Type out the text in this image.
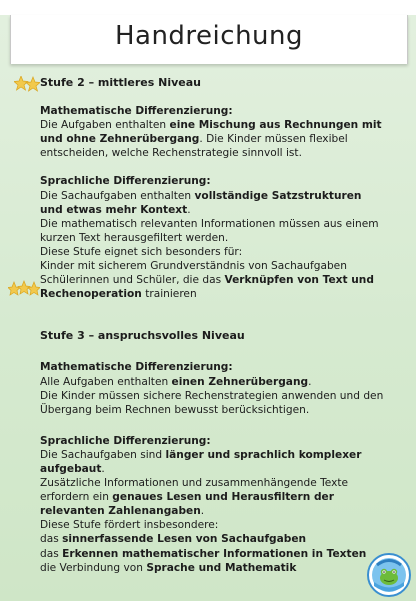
Handreichung

Stufe 2 – mittleres Niveau

Mathematische Differenzierung:

Die Aufgaben enthalten eine Mischung aus Rechnungen mit und ohne Zehnerübergang. Die Kinder müssen flexibel entscheiden, welche Rechenstrategie sinnvoll ist.

Sprachliche Differenzierung:

Die Sachaufgaben enthalten vollständige Satzstrukturen und etwas mehr Kontext.

Die mathematisch relevanten Informationen müssen aus einem kurzen Text herausgefiltert werden.

Diese Stufe eignet sich besonders für:

Kinder mit sicherem Grundverständnis von Sachaufgaben

Schülerinnen und Schüler, die das Verknüpfen von Text und Rechenoperation trainieren

Stufe 3 – anspruchsvolles Niveau

Mathematische Differenzierung:

Alle Aufgaben enthalten einen Zehnerübergang.

Die Kinder müssen sichere Rechenstrategien anwenden und den Übergang beim Rechnen bewusst berücksichtigen.

Sprachliche Differenzierung:

Die Sachaufgaben sind länger und sprachlich komplexer aufgebaut.

Zusätzliche Informationen und zusammenhängende Texte erfordern ein genaues Lesen und Herausfiltern der relevanten Zahlenangaben.

Diese Stufe fördert insbesondere:

das sinnerfassende Lesen von Sachaufgaben

das Erkennen mathematischer Informationen in Texten

die Verbindung von Sprache und Mathematik
